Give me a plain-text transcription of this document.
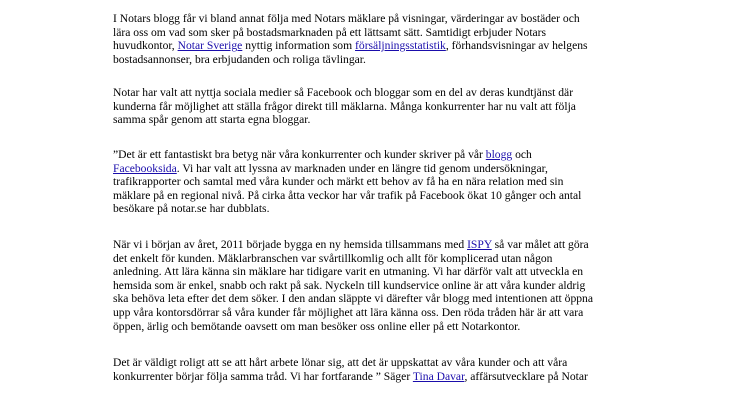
I Notars blogg får vi bland annat följa med Notars mäklare på visningar, värderingar av bostäder och
lära oss om vad som sker på bostadsmarknaden på ett lättsamt sätt. Samtidigt erbjuder Notars
huvudkontor, Notar Sverige nyttig information som försäljningsstatistik, förhandsvisningar av helgens
bostadsannonser, bra erbjudanden och roliga tävlingar.
Notar har valt att nyttja sociala medier så Facebook och bloggar som en del av deras kundtjänst där
kunderna får möjlighet att ställa frågor direkt till mäklarna. Många konkurrenter har nu valt att följa
samma spår genom att starta egna bloggar.
”Det är ett fantastiskt bra betyg när våra konkurrenter och kunder skriver på vår blogg och
Facebooksida. Vi har valt att lyssna av marknaden under en längre tid genom undersökningar,
trafikrapporter och samtal med våra kunder och märkt ett behov av få ha en nära relation med sin
mäklare på en regional nivå. På cirka åtta veckor har vår trafik på Facebook ökat 10 gånger och antal
besökare på notar.se har dubblats.
När vi i början av året, 2011 började bygga en ny hemsida tillsammans med ISPY så var målet att göra
det enkelt för kunden. Mäklarbranschen var svårtillkomlig och allt för komplicerad utan någon
anledning. Att lära känna sin mäklare har tidigare varit en utmaning. Vi har därför valt att utveckla en
hemsida som är enkel, snabb och rakt på sak. Nyckeln till kundservice online är att våra kunder aldrig
ska behöva leta efter det dem söker. I den andan släppte vi därefter vår blogg med intentionen att öppna
upp våra kontorsdörrar så våra kunder får möjlighet att lära känna oss. Den röda tråden här är att vara
öppen, ärlig och bemötande oavsett om man besöker oss online eller på ett Notarkontor.
Det är väldigt roligt att se att hårt arbete lönar sig, att det är uppskattat av våra kunder och att våra
konkurrenter börjar följa samma tråd. Vi har fortfarande ” Säger Tina Davar, affärsutvecklare på Notar
